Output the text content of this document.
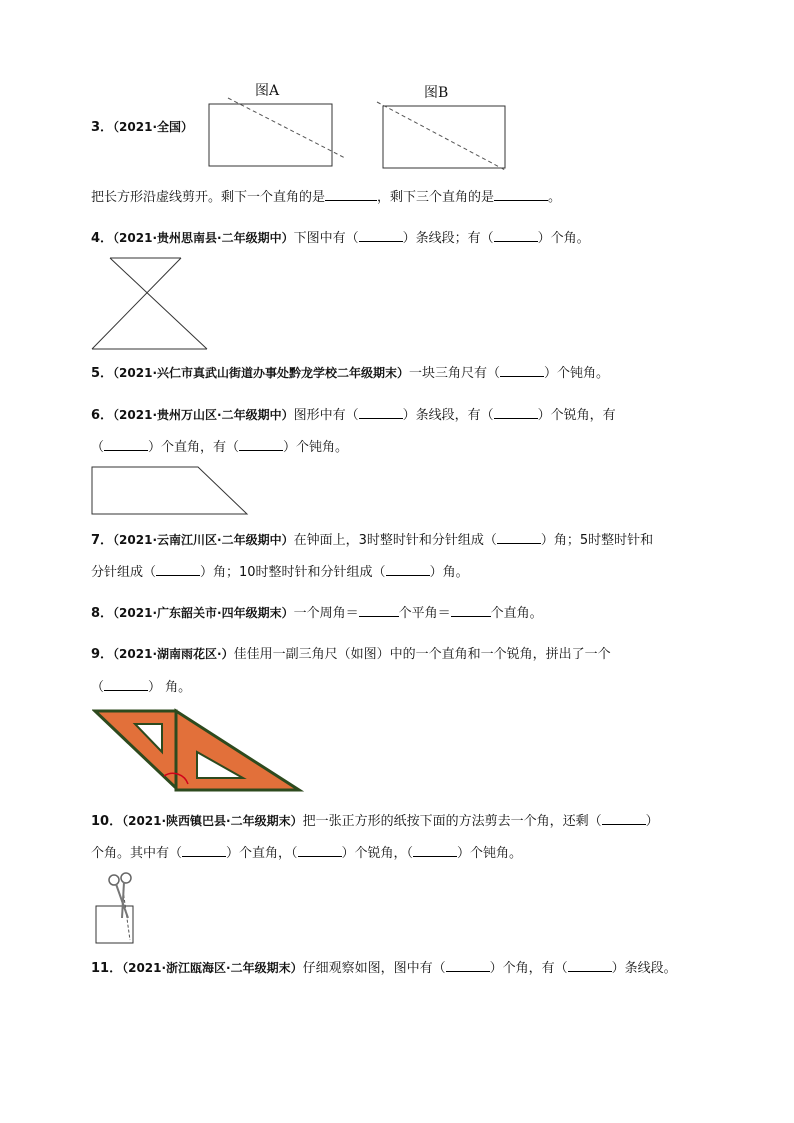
3．（2021·全国）
图A	图B
把长方形沿虚线剪开。剩下一个直角的是	，剩下三个直角的是	。
4．（2021·贵州思南县·二年级期中）下图中有（	）条线段；有（	）个角。
5．（2021·兴仁市真武山街道办事处黔龙学校二年级期末）一块三角尺有（	）个钝角。
6．（2021·贵州万山区·二年级期中）图形中有（	）条线段，有（	）个锐角，有
（	）个直角，有（	）个钝角。
7．（2021·云南江川区·二年级期中）在钟面上，3时整时针和分针组成（	）角；5时整时针和
分针组成（	）角；10时整时针和分针组成（	）角。
8．（2021·广东韶关市·四年级期末）一个周角＝	个平角＝	个直角。
9．（2021·湖南雨花区·）佳佳用一副三角尺（如图）中的一个直角和一个锐角，拼出了一个
（	） 角。
10．（2021·陕西镇巴县·二年级期末）把一张正方形的纸按下面的方法剪去一个角，还剩（	）
个角。其中有（	）个直角，（	）个锐角，（	）个钝角。
11．（2021·浙江瓯海区·二年级期末）仔细观察如图，图中有（	）个角，有（	）条线段。
